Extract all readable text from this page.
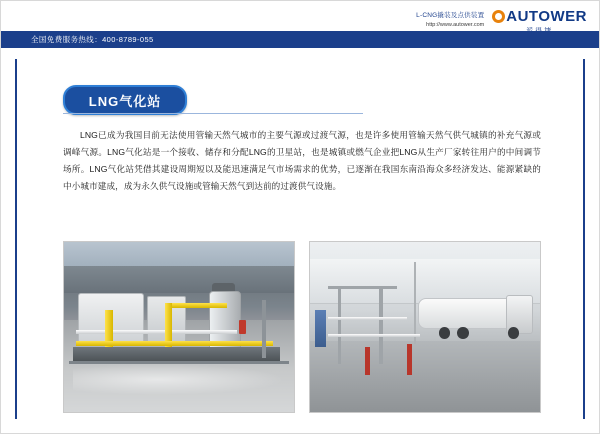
L-CNG撬装及点供装置
http://www.autower.com	AUTOWER
全国免费服务热线：400-8789-055
LNG气化站
LNG已成为我国目前无法使用管输天然气城市的主要气源或过渡气源，也是许多使用管输天然气供气城镇的补充气源或调峰气源。LNG气化站是一个接收、储存和分配LNG的卫星站，也是城镇或燃气企业把LNG从生产厂家转往用户的中间调节场所。LNG气化站凭借其建设周期短以及能迅速满足气市场需求的优势，已逐渐在我国东南沿海众多经济发达、能源紧缺的中小城市建成，成为永久供气设施或管输天然气到达前的过渡供气设施。
